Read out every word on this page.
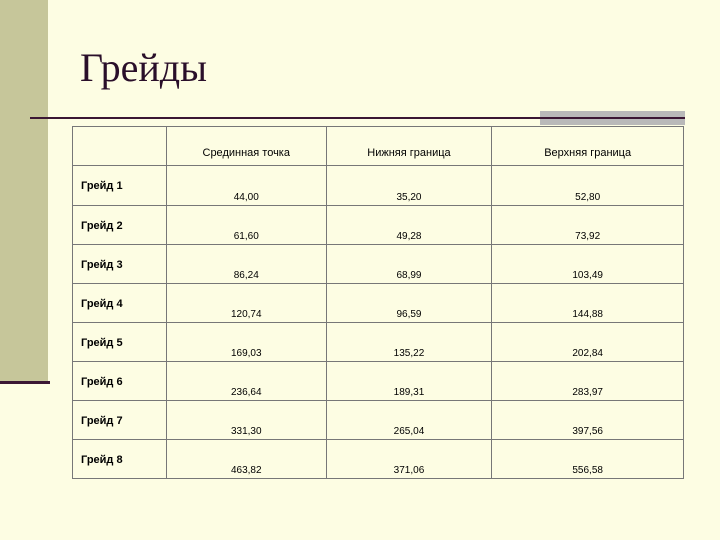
Грейды
	Срединная точка	Нижняя граница	Верхняя граница
Грейд 1	44,00	35,20	52,80
Грейд 2	61,60	49,28	73,92
Грейд 3	86,24	68,99	103,49
Грейд 4	120,74	96,59	144,88
Грейд 5	169,03	135,22	202,84
Грейд 6	236,64	189,31	283,97
Грейд 7	331,30	265,04	397,56
Грейд 8	463,82	371,06	556,58
